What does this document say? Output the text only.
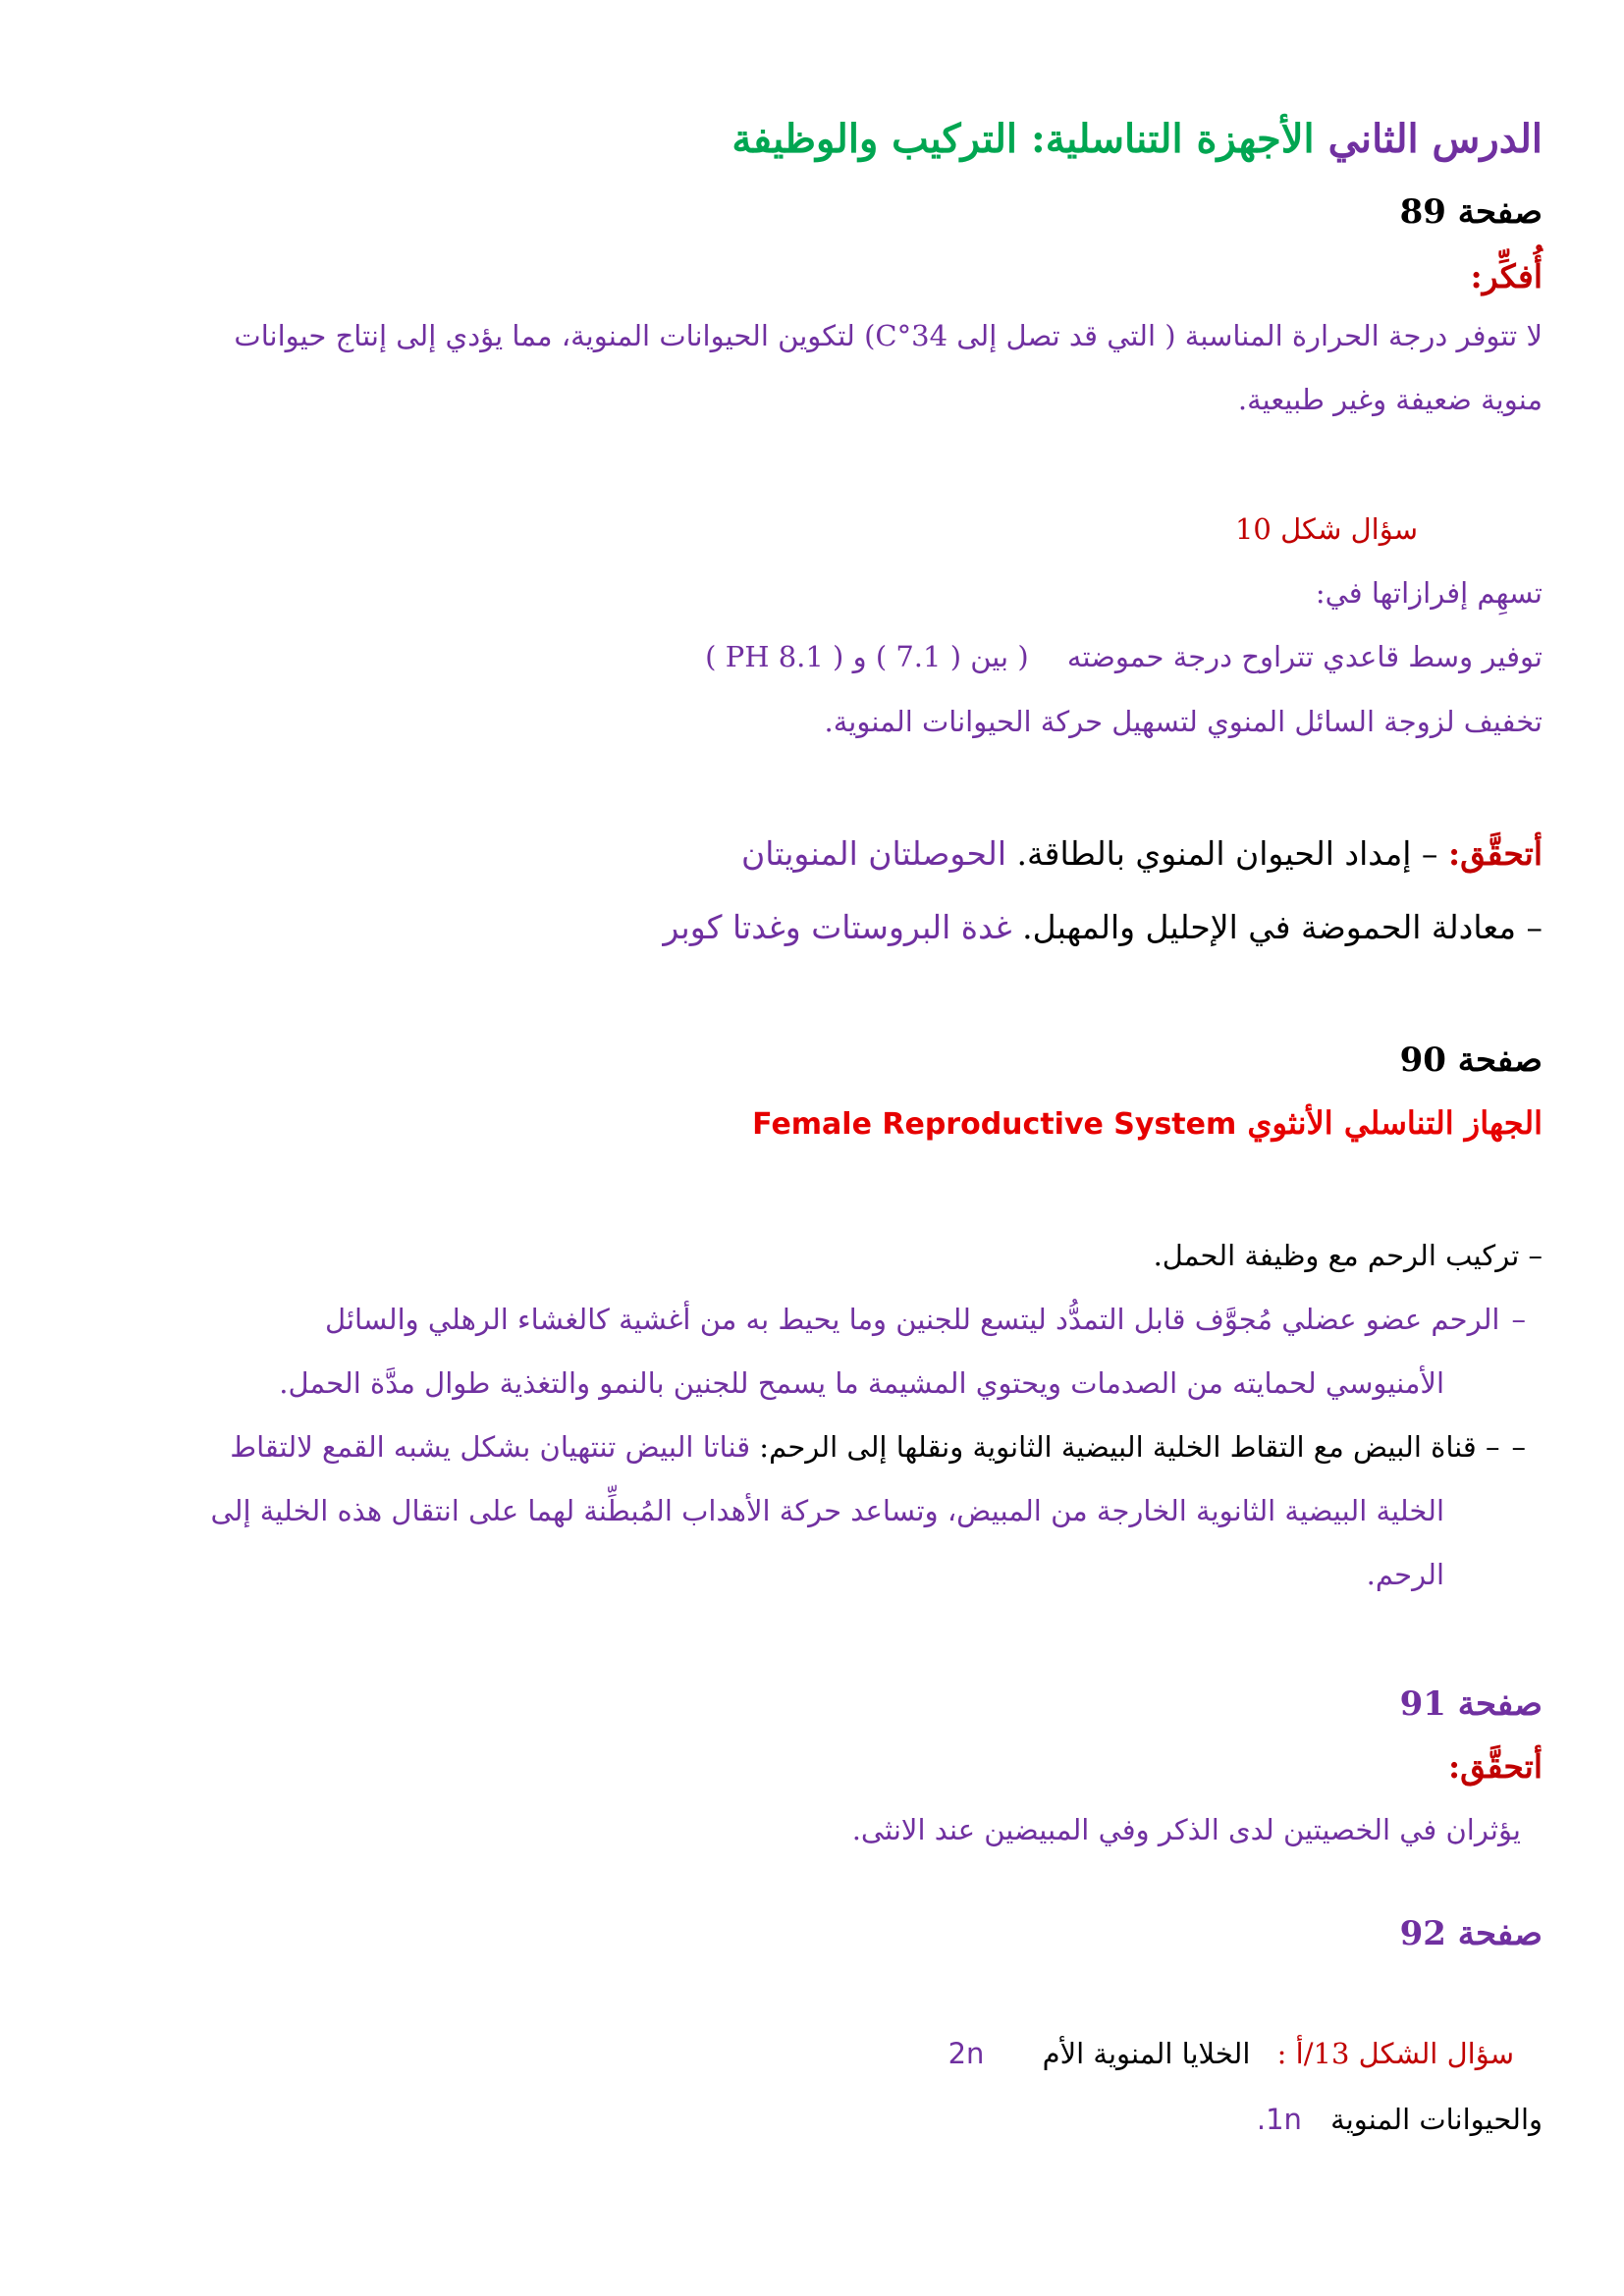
الدرس الثاني الأجهزة التناسلية: التركيب والوظيفة
صفحة 89
أُفكِّر:
لا تتوفر درجة الحرارة المناسبة ( التي قد تصل إلى 34°C) لتكوين الحيوانات المنوية، مما يؤدي إلى إنتاج حيوانات
منوية ضعيفة وغير طبيعية.
سؤال شكل 10
تسهِم إفرازاتها في:
توفير وسط قاعدي تتراوح درجة حموضته ( بين ( 7.1 ) و ( PH 8.1 )
تخفيف لزوجة السائل المنوي لتسهيل حركة الحيوانات المنوية.
أتحقَّق: – إمداد الحيوان المنوي بالطاقة. الحوصلتان المنويتان
– معادلة الحموضة في الإحليل والمهبل. غدة البروستات وغدتا كوبر
صفحة 90
الجهاز التناسلي الأنثوي Female Reproductive System
– تركيب الرحم مع وظيفة الحمل.
–الرحم عضو عضلي مُجوَّف قابل التمدُّد ليتسع للجنين وما يحيط به من أغشية كالغشاء الرهلي والسائل
الأمنيوسي لحمايته من الصدمات ويحتوي المشيمة ما يسمح للجنين بالنمو والتغذية طوال مدَّة الحمل.
–– قناة البيض مع التقاط الخلية البيضية الثانوية ونقلها إلى الرحم: قناتا البيض تنتهيان بشكل يشبه القمع لالتقاط
الخلية البيضية الثانوية الخارجة من المبيض، وتساعد حركة الأهداب المُبطِّنة لهما على انتقال هذه الخلية إلى
الرحم.
صفحة 91
أتحقَّق:
يؤثران في الخصيتين لدى الذكر وفي المبيضين عند الانثى.
صفحة 92
سؤال الشكل 13/أ : الخلايا المنوية الأم 2n
والحيوانات المنوية 1n.
